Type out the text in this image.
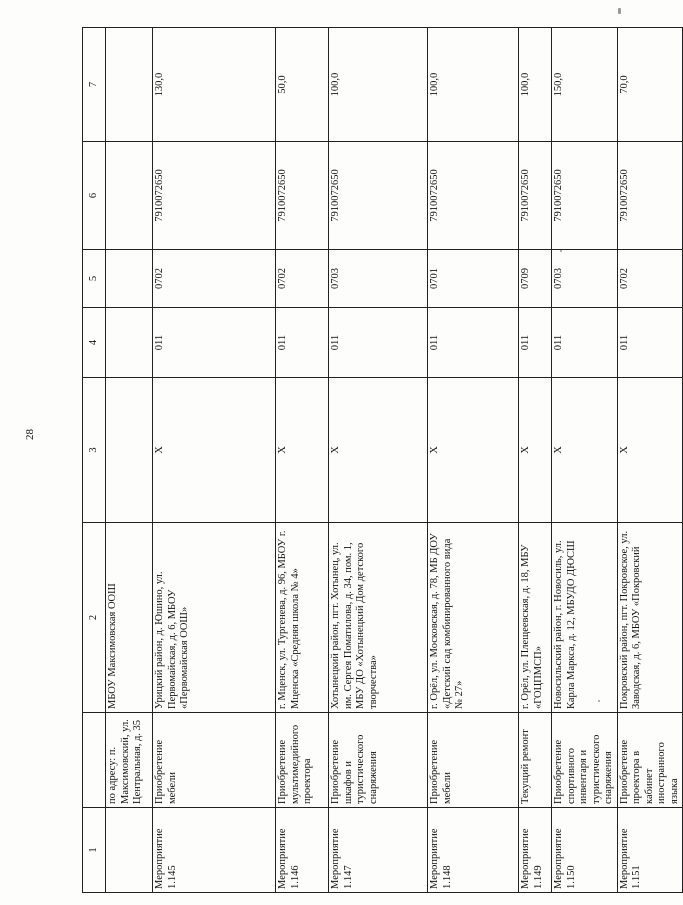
28
1		2	3	4	5	6	7
	по адресу: п. Максимовский, ул. Центральная, д. 35	МБОУ Максимовская ООШ					
Мероприятие 1.145	Приобретение мебели	Урицкий район, д. Юшино, ул. Первомайская, д. 6, МБОУ «Первомайская ООШ»	Х	011	0702	7910072650	130,0
Мероприятие 1.146	Приобретение мультимедийного проектора	г. Мценск, ул. Тургенева, д. 96, МБОУ г. Мценска «Средняя школа № 4»	Х	011	0702	7910072650	50,0
Мероприятие 1.147	Приобретение шкафов и туристического снаряжения	Хотынецкий район, пгт. Хотынец, ул. им. Сергея Поматилова, д. 34, пом. 1, МБУ ДО «Хотынецкий Дом детского творчества»	Х	011	0703	7910072650	100,0
Мероприятие 1.148	Приобретение мебели	г. Орёл, ул. Московская, д. 78, МБ ДОУ «Детский сад комбинированного вида № 27»	Х	011	0701	7910072650	100,0
Мероприятие 1.149	Текущий ремонт	г. Орёл, ул. Плещеевская, д. 18, МБУ «ГОЦПМСП»	Х	011	0709	7910072650	100,0
Мероприятие 1.150	Приобретение спортивного инвентаря и туристического снаряжения	Новосильский район, г. Новосиль, ул. Карла Маркса, д. 12, МБУДО ДЮСШ	Х	011	0703	7910072650	150,0
Мероприятие 1.151	Приобретение проектора в кабинет иностранного языка	Покровский район, пгт. Покровское, ул. Заводская, д. 6, МБОУ «Покровский	Х	011	0702	7910072650	70,0
